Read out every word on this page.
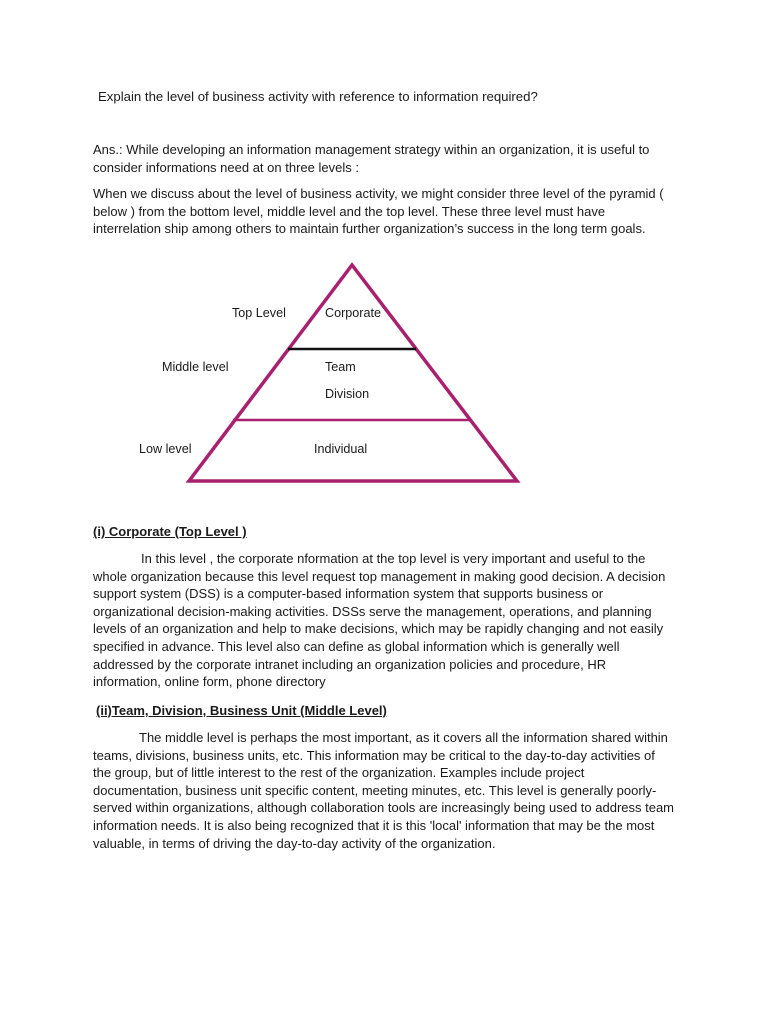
Explain the level of business activity with reference to information required?

Ans.: While developing an information management strategy within an organization, it is useful to consider informations need at on three levels :

When we discuss about the level of business activity, we might consider three level of the pyramid ( below ) from the bottom level, middle level and the top level. These three level must have interrelation ship among others to maintain further organization’s success in the long term goals.

Top Level
Middle level
Low level
Corporate
Team
Division
Individual
(i) Corporate (Top Level )

In this level , the corporate nformation at the top level is very important and useful to the whole organization because this level request top management in making good decision. A decision support system (DSS) is a computer-based information system that supports business or organizational decision-making activities. DSSs serve the management, operations, and planning levels of an organization and help to make decisions, which may be rapidly changing and not easily specified in advance. This level also can define as global information which is generally well addressed by the corporate intranet including an organization policies and procedure, HR information, online form, phone directory

(ii)Team, Division, Business Unit (Middle Level)

The middle level is perhaps the most important, as it covers all the information shared within teams, divisions, business units, etc. This information may be critical to the day-to-day activities of the group, but of little interest to the rest of the organization. Examples include project documentation, business unit specific content, meeting minutes, etc. This level is generally poorly-served within organizations, although collaboration tools are increasingly being used to address team information needs. It is also being recognized that it is this 'local' information that may be the most valuable, in terms of driving the day-to-day activity of the organization.
